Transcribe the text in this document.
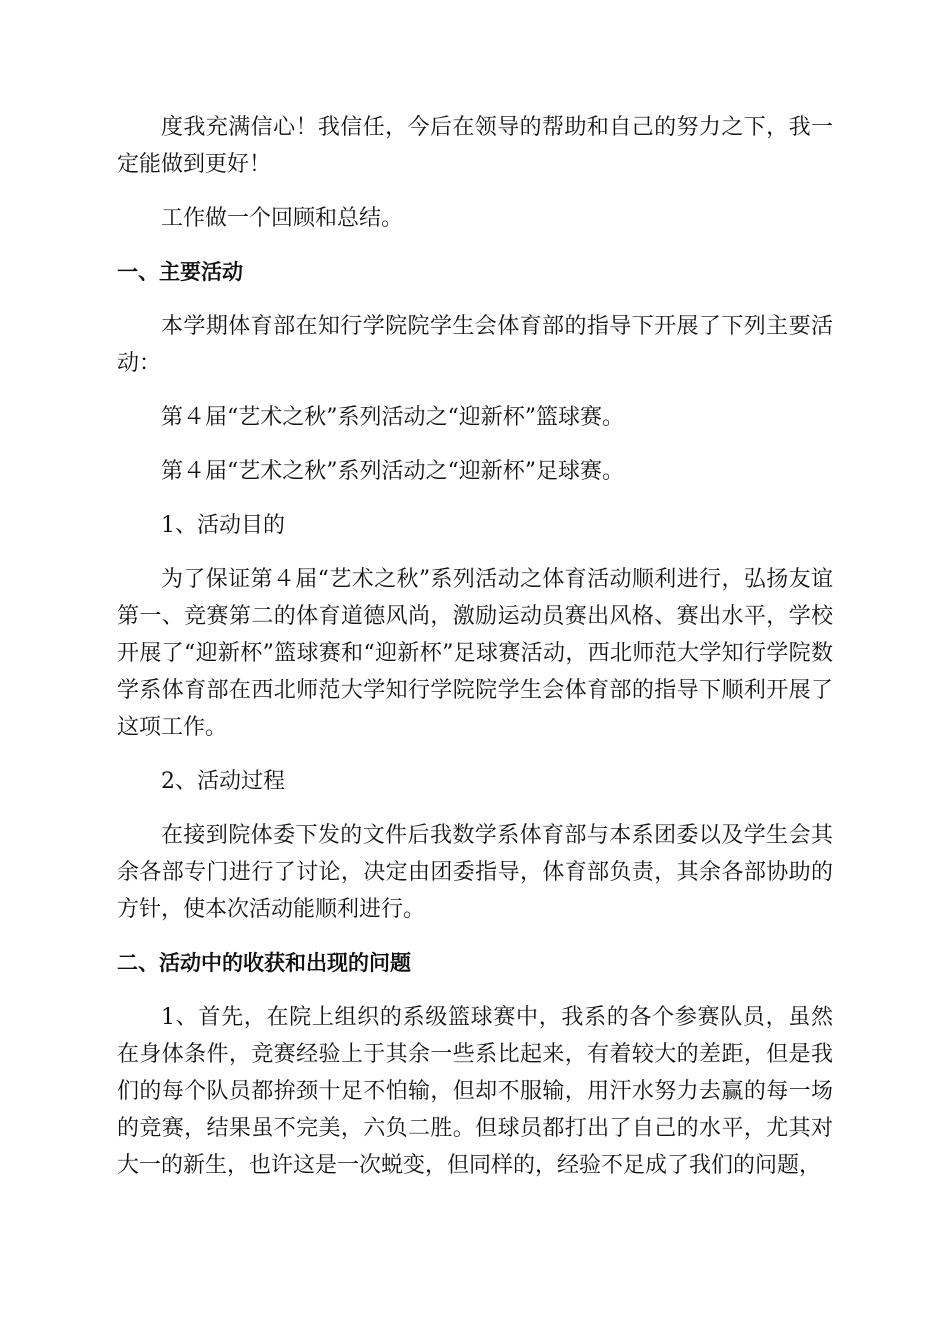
度我充满信心！我信任，今后在领导的帮助和自己的努力之下，我一定能做到更好！

工作做一个回顾和总结。

一、主要活动

本学期体育部在知行学院院学生会体育部的指导下开展了下列主要活动：

第４届“艺术之秋”系列活动之“迎新杯”篮球赛。

第４届“艺术之秋”系列活动之“迎新杯”足球赛。

1、活动目的

为了保证第４届“艺术之秋”系列活动之体育活动顺利进行，弘扬友谊第一、竞赛第二的体育道德风尚，激励运动员赛出风格、赛出水平，学校开展了“迎新杯”篮球赛和“迎新杯”足球赛活动，西北师范大学知行学院数学系体育部在西北师范大学知行学院院学生会体育部的指导下顺利开展了这项工作。

2、活动过程

在接到院体委下发的文件后我数学系体育部与本系团委以及学生会其余各部专门进行了讨论，决定由团委指导，体育部负责，其余各部协助的方针，使本次活动能顺利进行。

二、活动中的收获和出现的问题

1、首先，在院上组织的系级篮球赛中，我系的各个参赛队员，虽然在身体条件，竞赛经验上于其余一些系比起来，有着较大的差距，但是我们的每个队员都拚颈十足不怕输，但却不服输，用汗水努力去赢的每一场的竞赛，结果虽不完美，六负二胜。但球员都打出了自己的水平，尤其对大一的新生，也许这是一次蜕变，但同样的，经验不足成了我们的问题，
